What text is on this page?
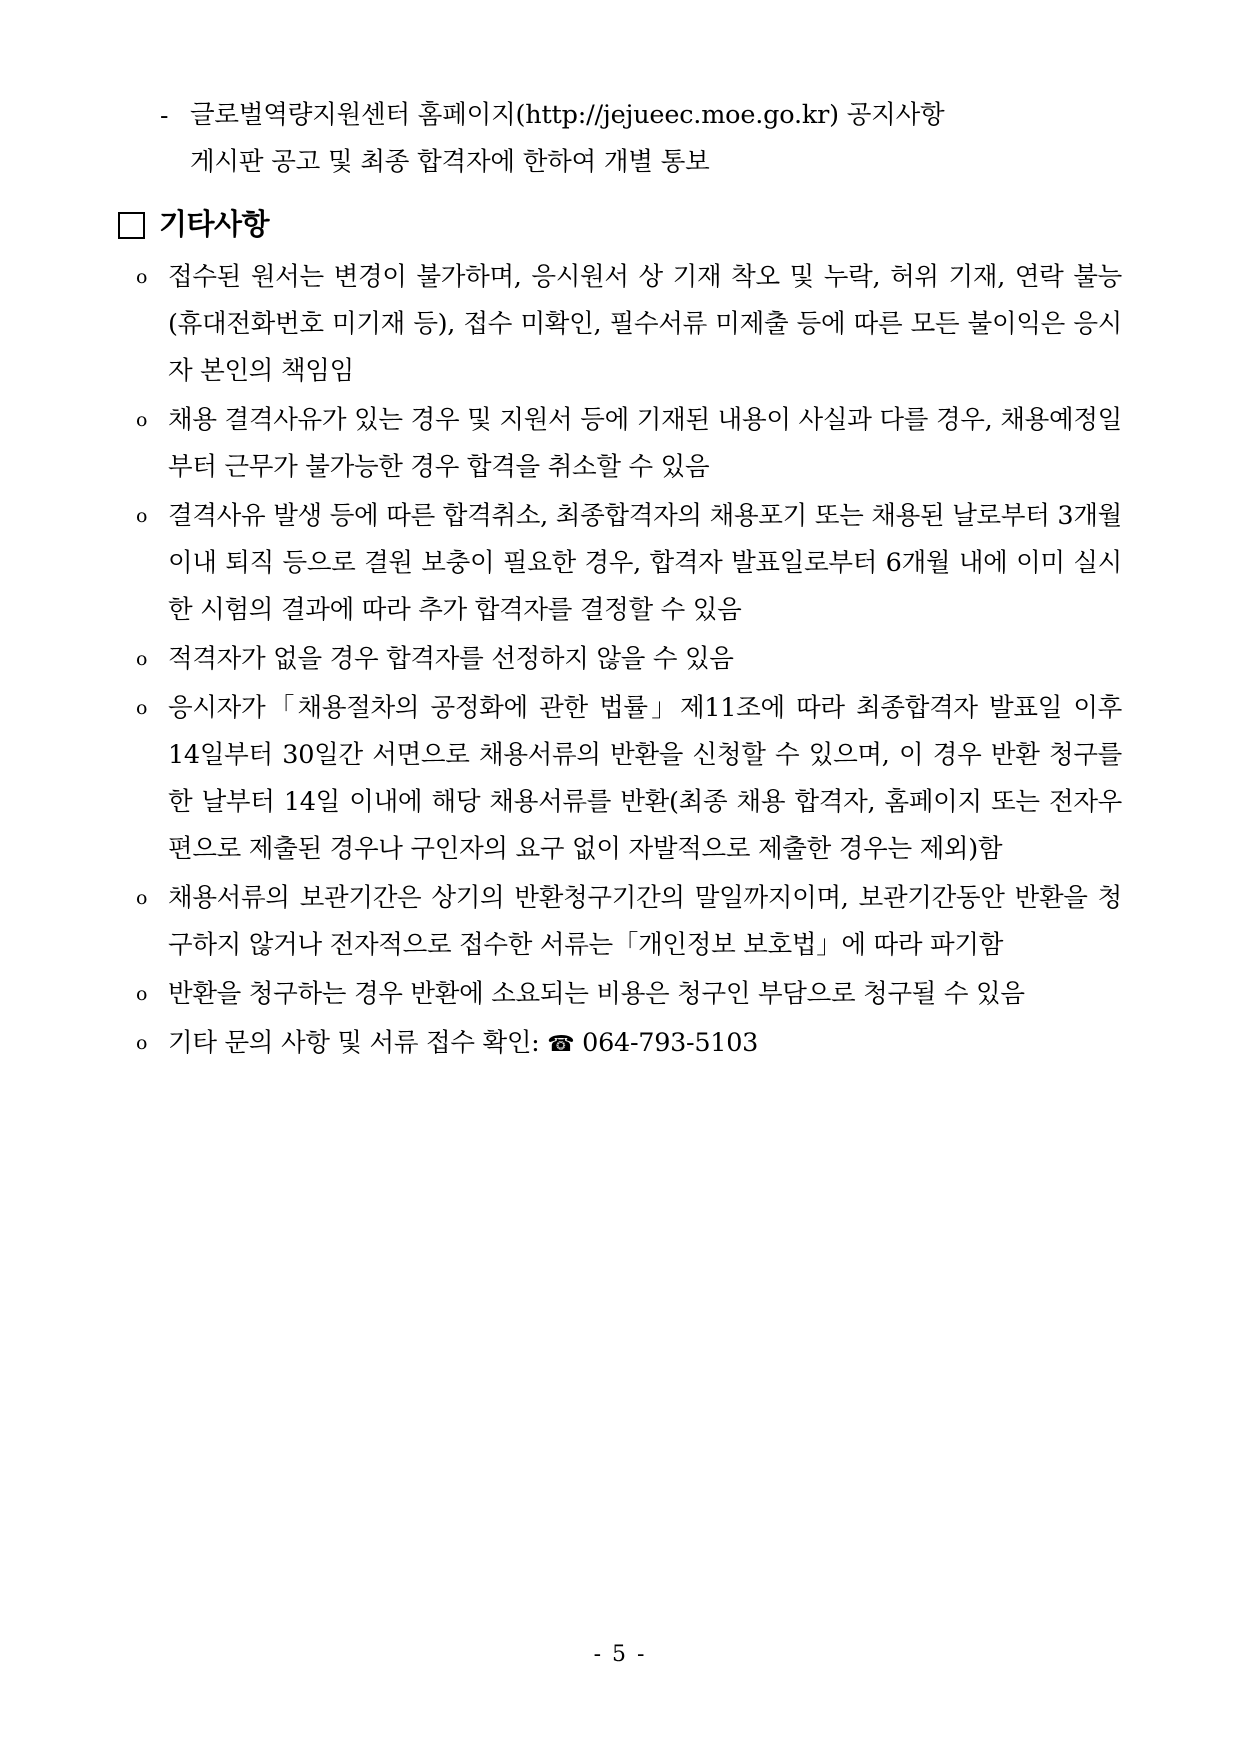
- 글로벌역량지원센터 홈페이지(http://jejueec.moe.go.kr) 공지사항
게시판 공고 및 최종 합격자에 한하여 개별 통보
기타사항
o 접수된 원서는 변경이 불가하며, 응시원서 상 기재 착오 및 누락, 허위 기재, 연락 불능(휴대전화번호 미기재 등), 접수 미확인, 필수서류 미제출 등에 따른 모든 불이익은 응시자 본인의 책임임
o 채용 결격사유가 있는 경우 및 지원서 등에 기재된 내용이 사실과 다를 경우, 채용예정일부터 근무가 불가능한 경우 합격을 취소할 수 있음
o 결격사유 발생 등에 따른 합격취소, 최종합격자의 채용포기 또는 채용된 날로부터 3개월 이내 퇴직 등으로 결원 보충이 필요한 경우, 합격자 발표일로부터 6개월 내에 이미 실시한 시험의 결과에 따라 추가 합격자를 결정할 수 있음
o 적격자가 없을 경우 합격자를 선정하지 않을 수 있음
o 응시자가「채용절차의 공정화에 관한 법률」제11조에 따라 최종합격자 발표일 이후 14일부터 30일간 서면으로 채용서류의 반환을 신청할 수 있으며, 이 경우 반환 청구를 한 날부터 14일 이내에 해당 채용서류를 반환(최종 채용 합격자, 홈페이지 또는 전자우편으로 제출된 경우나 구인자의 요구 없이 자발적으로 제출한 경우는 제외)함
o 채용서류의 보관기간은 상기의 반환청구기간의 말일까지이며, 보관기간동안 반환을 청구하지 않거나 전자적으로 접수한 서류는「개인정보 보호법」에 따라 파기함
o 반환을 청구하는 경우 반환에 소요되는 비용은 청구인 부담으로 청구될 수 있음
o 기타 문의 사항 및 서류 접수 확인: ☎ 064-793-5103
- 5 -
